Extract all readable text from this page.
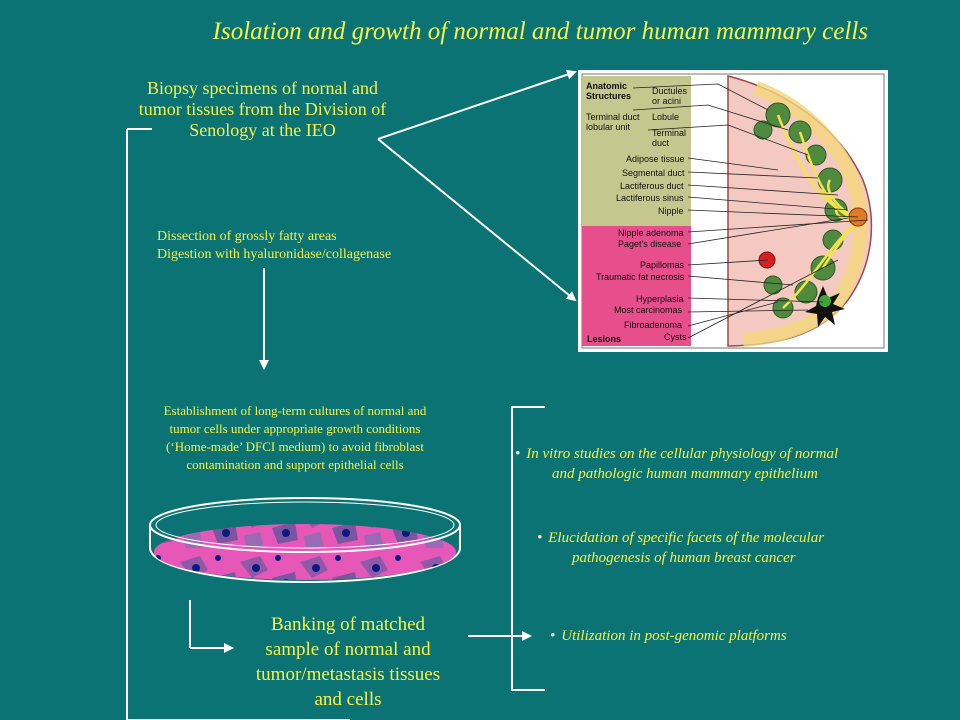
Isolation and growth of normal and tumor human mammary cells
Biopsy specimens of nornal and
tumor tissues from the Division of
Senology at the IEO
Dissection of grossly fatty areas
Digestion with hyaluronidase/collagenase
Establishment of long-term cultures of normal and
tumor cells under appropriate growth conditions
(‘Home-made’ DFCI medium) to avoid fibroblast
contamination and support epithelial cells
Banking of matched
sample of normal and
tumor/metastasis tissues
and cells
• In vitro studies on the cellular physiology of normal
and pathologic human mammary epithelium
• Elucidation of specific facets of the molecular
pathogenesis of human breast cancer
• Utilization in post-genomic platforms
Anatomic
Structures Ductules
or acini
Terminal duct
lobular unit
Lobule
Terminal
duct
Adipose tissue
Segmental duct
Lactiferous duct
Lactiferous sinus
Nipple
Nipple adenoma
Paget's disease
Papillomas
Traumatic fat necrosis
Hyperplasia
Most carcinomas
Fibroadenoma
Cysts
Lesions
